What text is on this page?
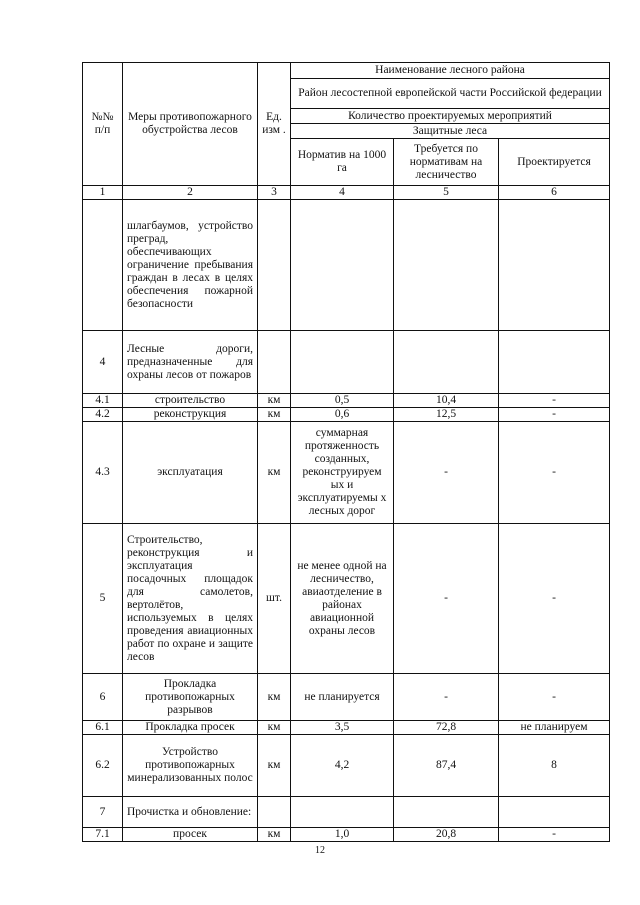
№№ п/п	Меры противопожарного обустройства лесов	Ед. изм .	Наименование лесного района		
			Район лесостепной европейской части Российской федерации		
			Количество проектируемых мероприятий		
			Защитные леса		
			Норматив на 1000 га	Требуется по нормативам на лесничество	Проектируется

1	2	3	4	5	6
	шлагбаумов, устройство преград, обеспечивающих ограничение пребывания граждан в лесах в целях обеспечения пожарной безопасности				
4	Лесные дороги, предназначенные для охраны лесов от пожаров				
4.1	строительство	км	0,5	10,4	-
4.2	реконструкция	км	0,6	12,5	-
4.3	эксплуатация	км	суммарная протяженность созданных, реконструируем ых и эксплуатируемы х лесных дорог	-	-
5	Строительство, реконструкция и эксплуатация посадочных площадок для самолетов, вертолётов, используемых в целях проведения авиационных работ по охране и защите лесов	шт.	не менее одной на лесничество, авиаотделение в районах авиационной охраны лесов	-	-
6	Прокладка противопожарных разрывов	км	не планируется	-	-
6.1	Прокладка просек	км	3,5	72,8	не планируем
6.2	Устройство противопожарных минерализованных полос	км	4,2	87,4	8
7	Прочистка и обновление:				
7.1	просек	км	1,0	20,8	-
12
